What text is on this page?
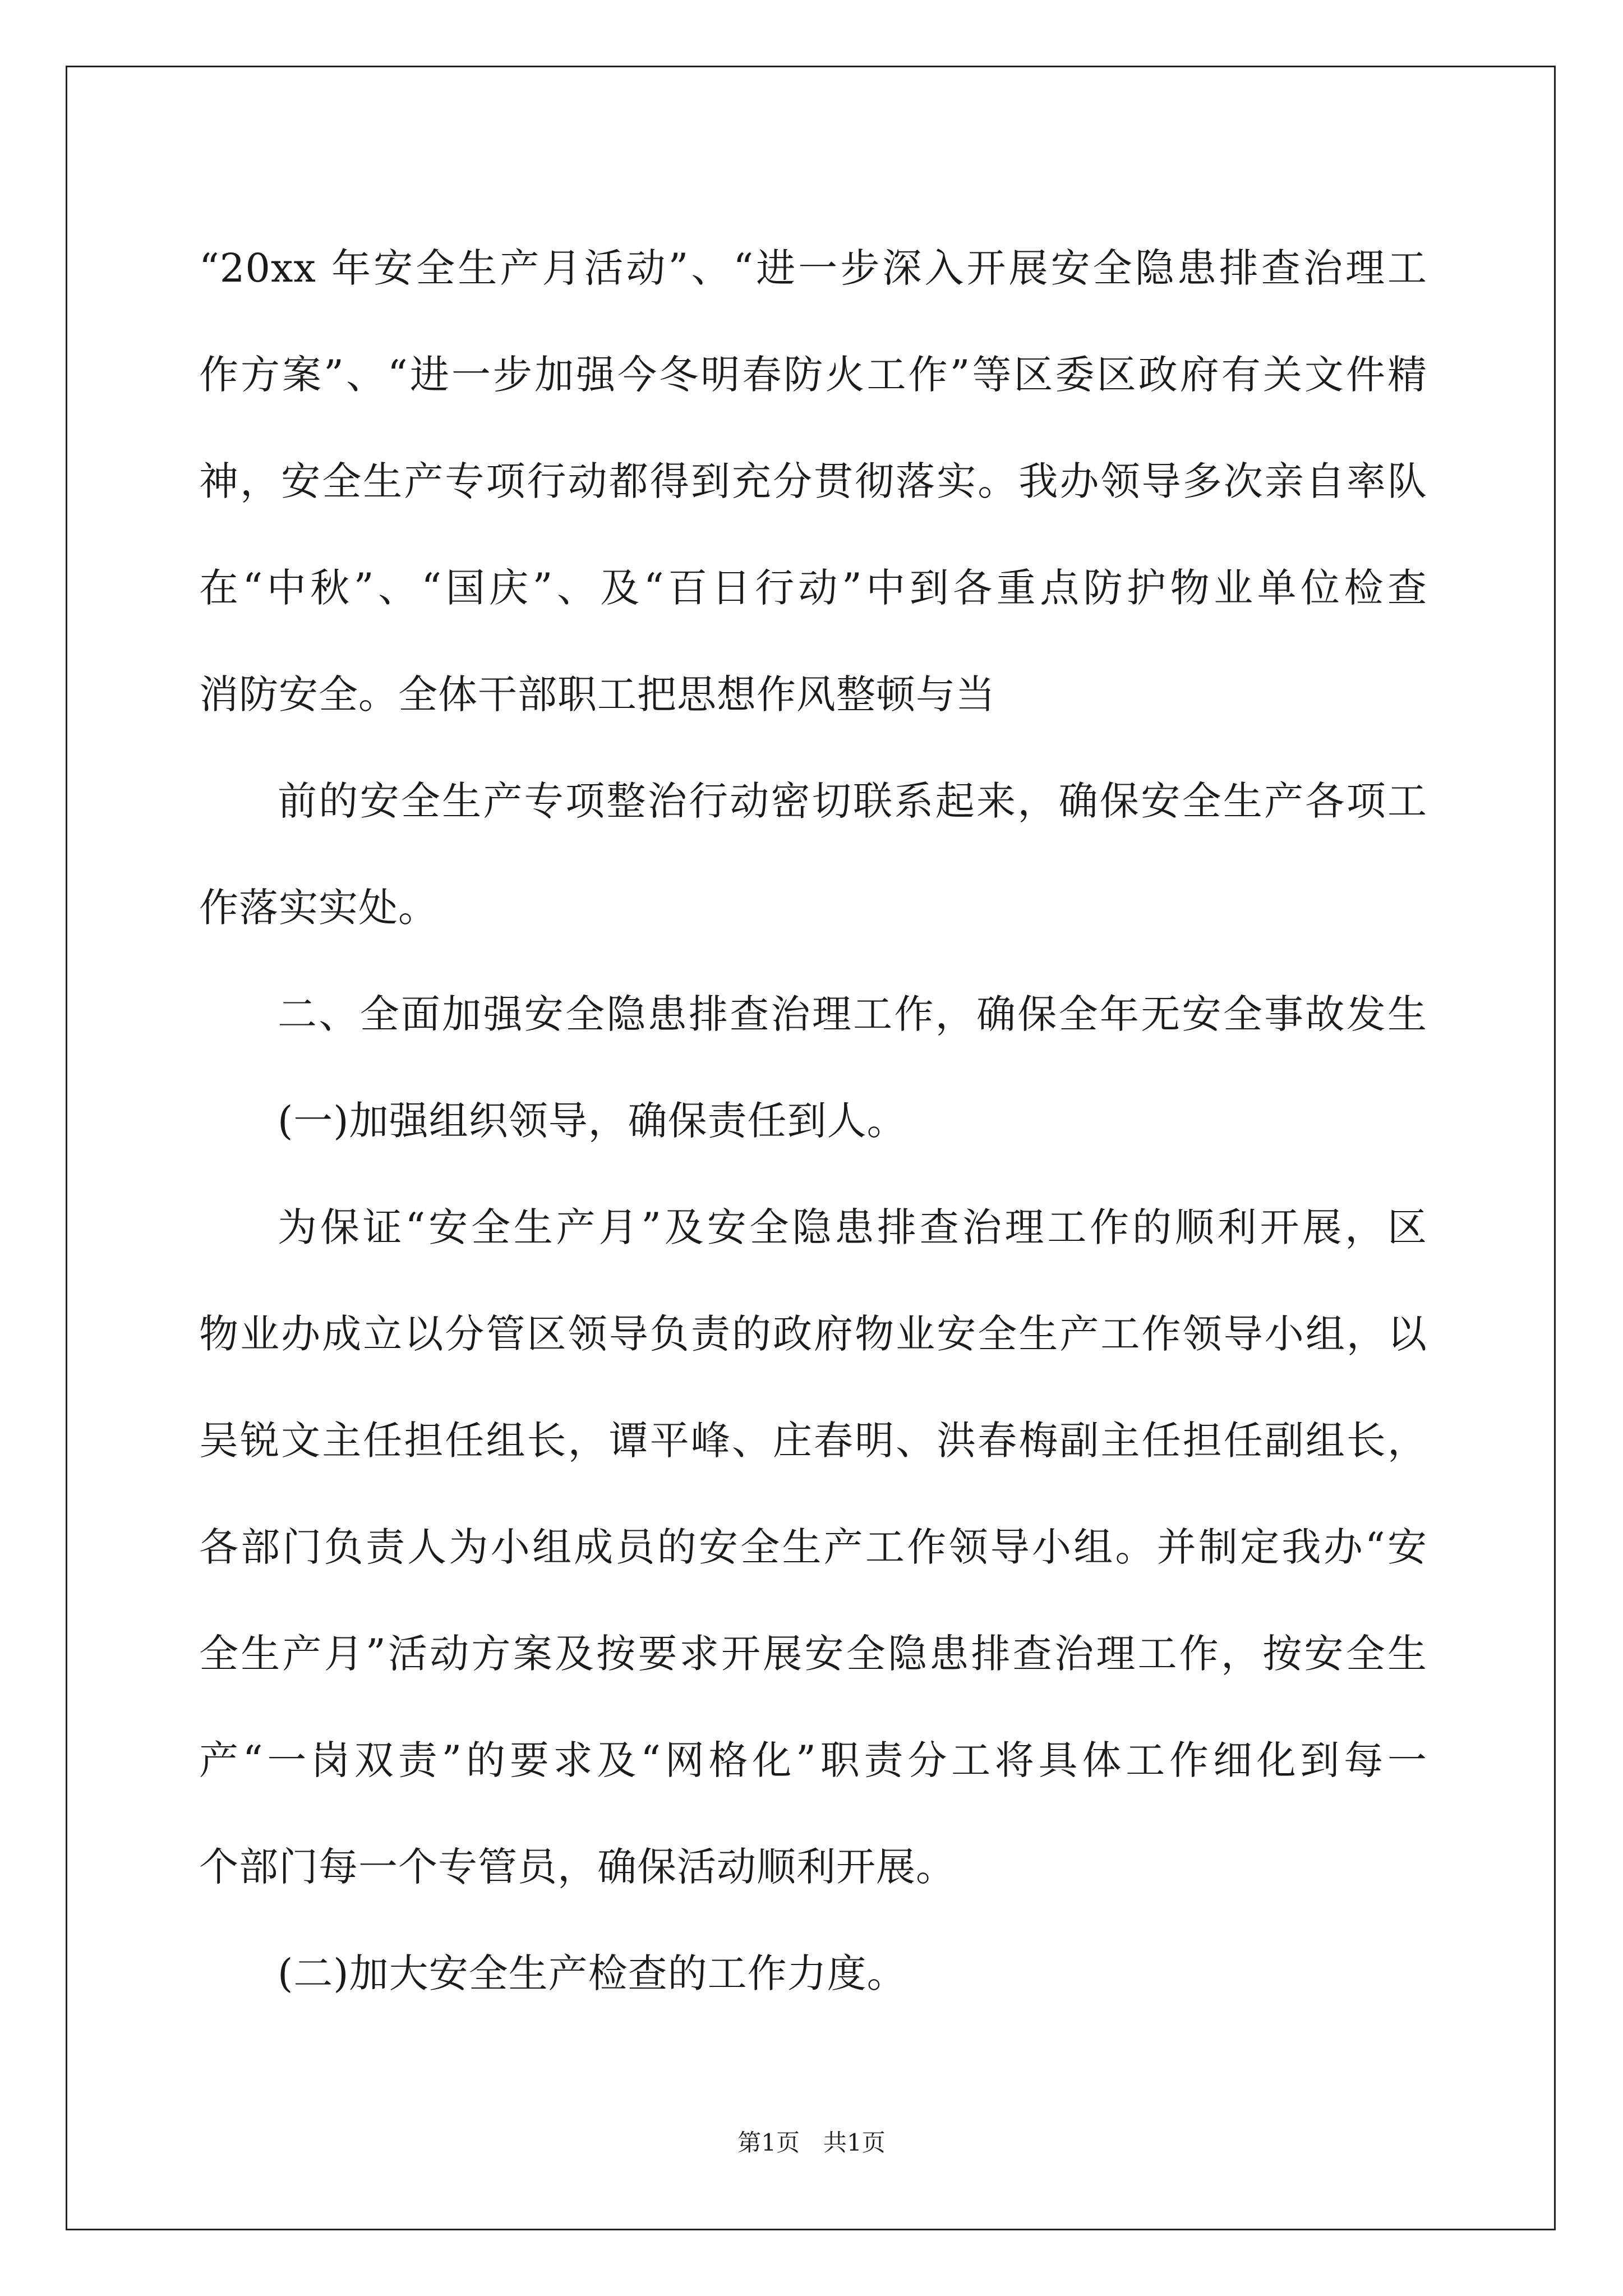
“20xx 年安全生产月活动”、“进一步深入开展安全隐患排查治理工
作方案”、“进一步加强今冬明春防火工作”等区委区政府有关文件精
神，安全生产专项行动都得到充分贯彻落实。我办领导多次亲自率队
在“中秋”、“国庆”、及“百日行动”中到各重点防护物业单位检查
消防安全。全体干部职工把思想作风整顿与当
前的安全生产专项整治行动密切联系起来，确保安全生产各项工
作落实实处。
二、全面加强安全隐患排查治理工作，确保全年无安全事故发生
(一)加强组织领导，确保责任到人。
为保证“安全生产月”及安全隐患排查治理工作的顺利开展，区
物业办成立以分管区领导负责的政府物业安全生产工作领导小组，以
吴锐文主任担任组长，谭平峰、庄春明、洪春梅副主任担任副组长，
各部门负责人为小组成员的安全生产工作领导小组。并制定我办“安
全生产月”活动方案及按要求开展安全隐患排查治理工作，按安全生
产“一岗双责”的要求及“网格化”职责分工将具体工作细化到每一
个部门每一个专管员，确保活动顺利开展。
(二)加大安全生产检查的工作力度。
第1页　共1页
